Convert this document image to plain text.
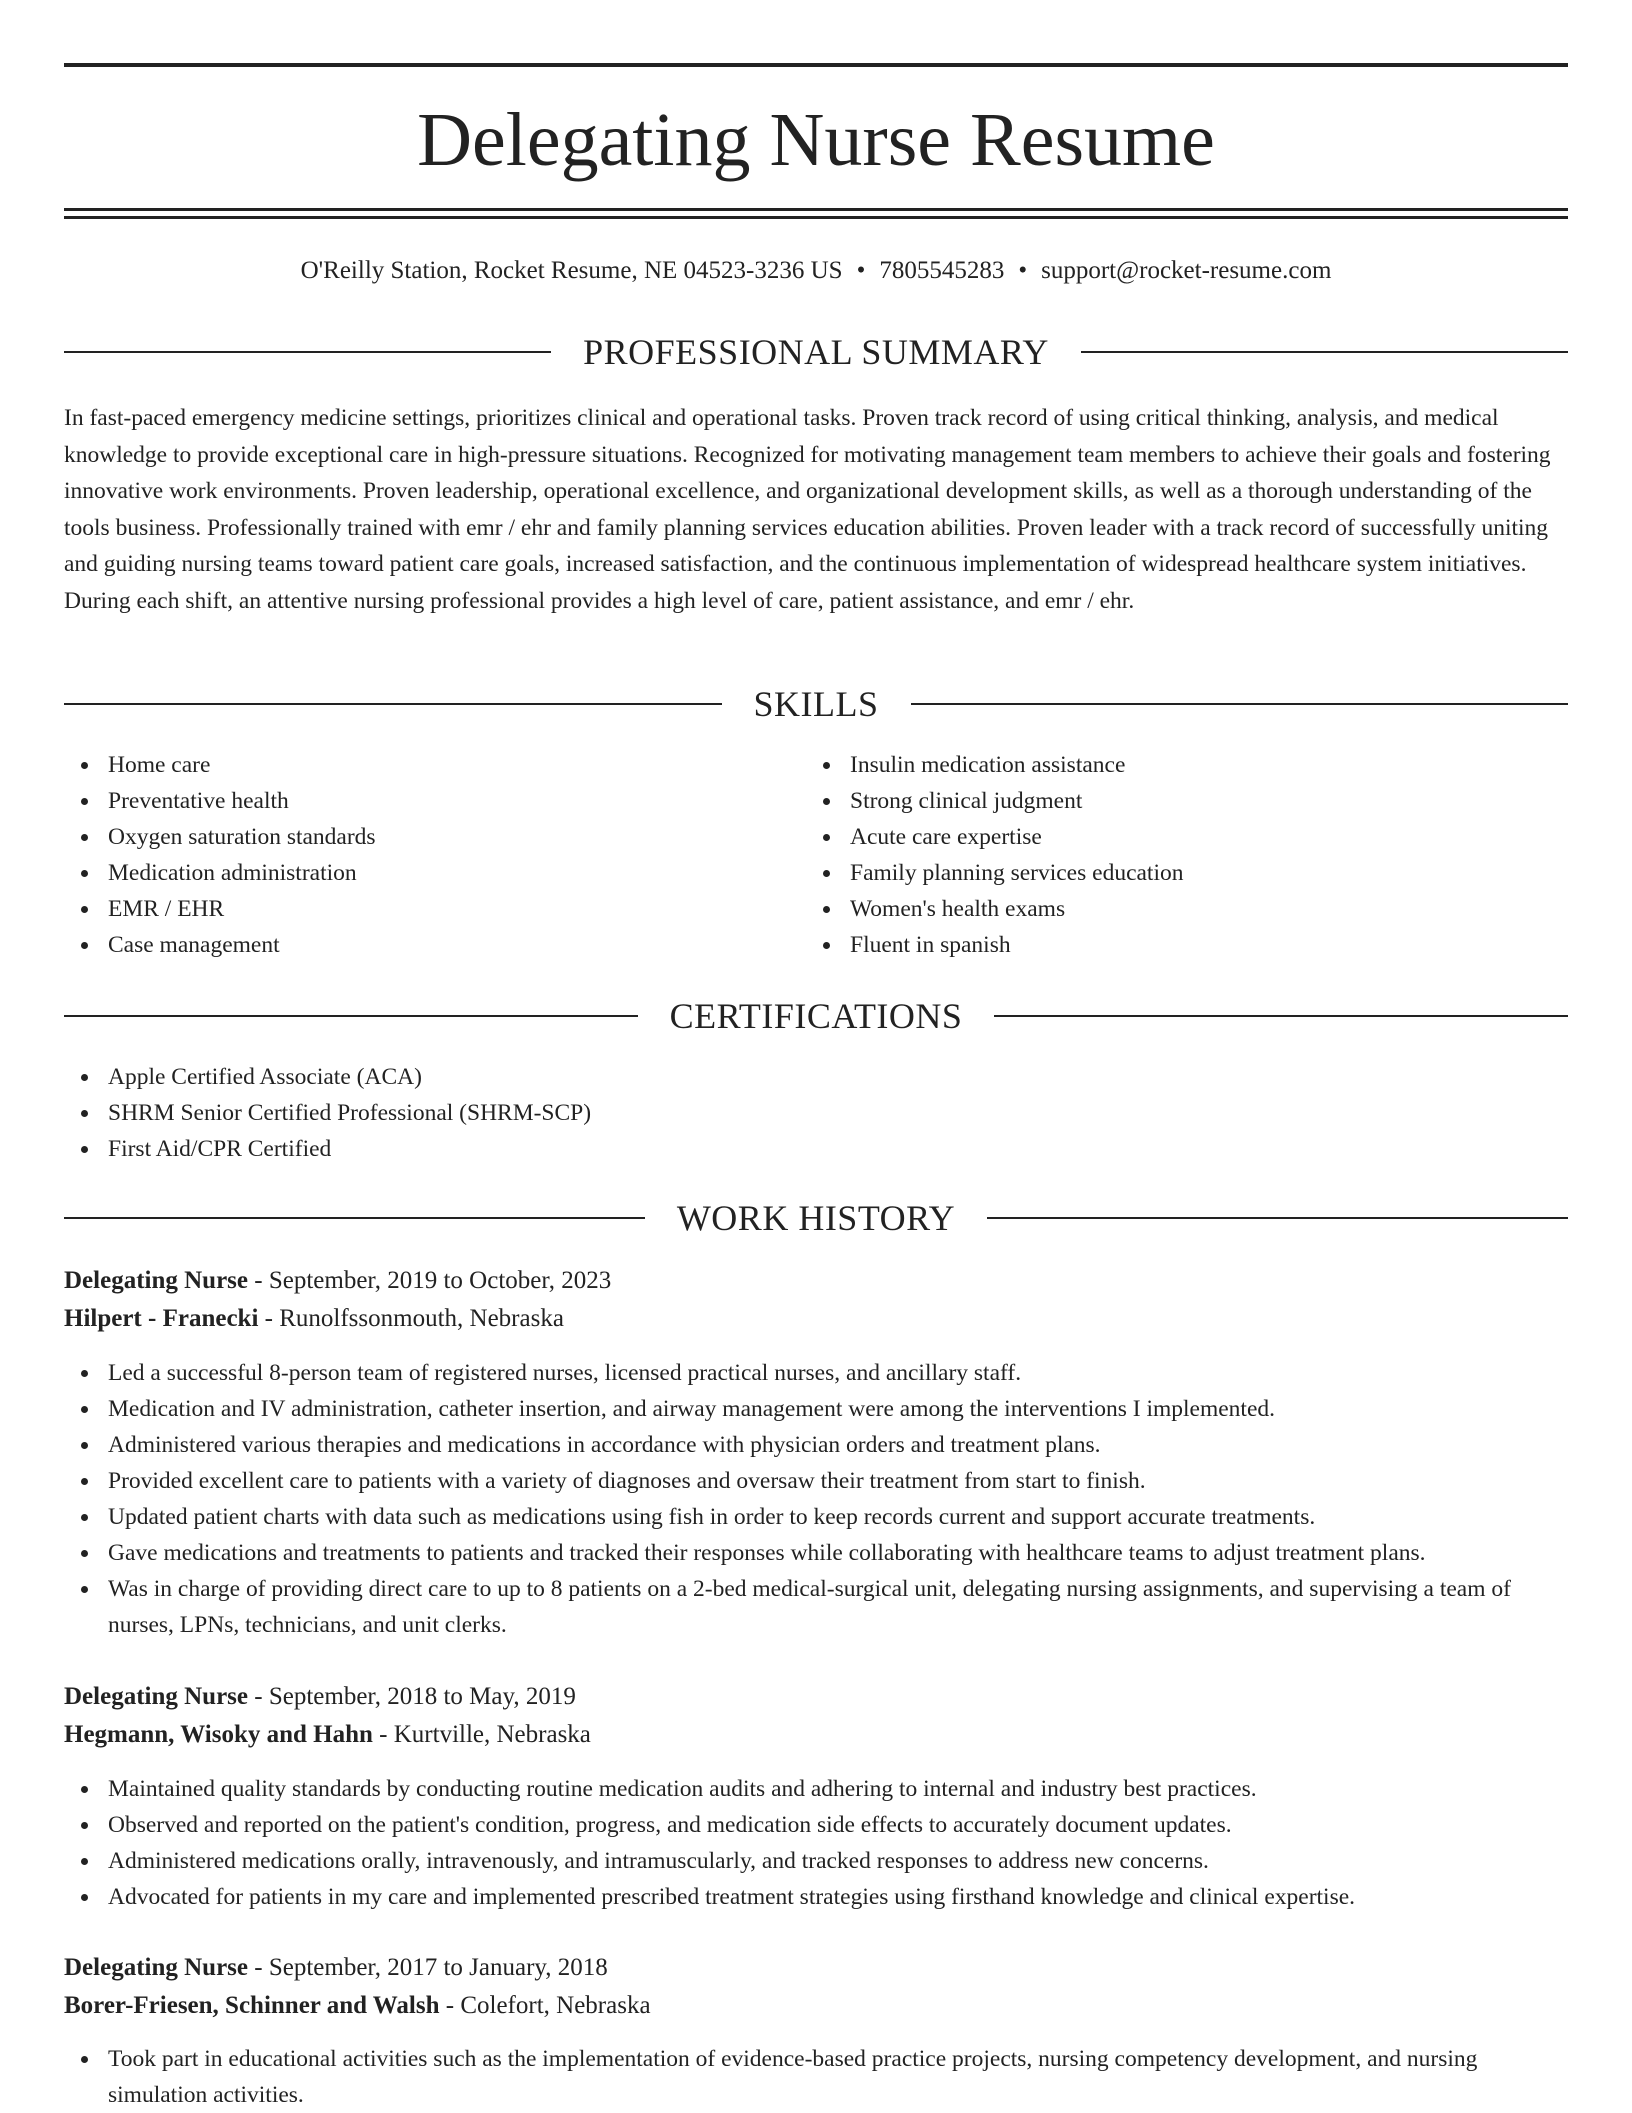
Delegating Nurse Resume
O'Reilly Station, Rocket Resume, NE 04523-3236 US • 7805545283 • support@rocket-resume.com
PROFESSIONAL SUMMARY

In fast-paced emergency medicine settings, prioritizes clinical and operational tasks. Proven track record of using critical thinking, analysis, and medical knowledge to provide exceptional care in high-pressure situations. Recognized for motivating management team members to achieve their goals and fostering innovative work environments. Proven leadership, operational excellence, and organizational development skills, as well as a thorough understanding of the tools business. Professionally trained with emr / ehr and family planning services education abilities. Proven leader with a track record of successfully uniting and guiding nursing teams toward patient care goals, increased satisfaction, and the continuous implementation of widespread healthcare system initiatives. During each shift, an attentive nursing professional provides a high level of care, patient assistance, and emr / ehr.

SKILLS
Home care
Preventative health
Oxygen saturation standards
Medication administration
EMR / EHR
Case management
Insulin medication assistance
Strong clinical judgment
Acute care expertise
Family planning services education
Women's health exams
Fluent in spanish
CERTIFICATIONS
Apple Certified Associate (ACA)
SHRM Senior Certified Professional (SHRM-SCP)
First Aid/CPR Certified
WORK HISTORY
Delegating Nurse - September, 2019 to October, 2023
Hilpert - Franecki - Runolfssonmouth, Nebraska
Led a successful 8-person team of registered nurses, licensed practical nurses, and ancillary staff.
Medication and IV administration, catheter insertion, and airway management were among the interventions I implemented.
Administered various therapies and medications in accordance with physician orders and treatment plans.
Provided excellent care to patients with a variety of diagnoses and oversaw their treatment from start to finish.
Updated patient charts with data such as medications using fish in order to keep records current and support accurate treatments.
Gave medications and treatments to patients and tracked their responses while collaborating with healthcare teams to adjust treatment plans.
Was in charge of providing direct care to up to 8 patients on a 2-bed medical-surgical unit, delegating nursing assignments, and supervising a team of nurses, LPNs, technicians, and unit clerks.
Delegating Nurse - September, 2018 to May, 2019
Hegmann, Wisoky and Hahn - Kurtville, Nebraska
Maintained quality standards by conducting routine medication audits and adhering to internal and industry best practices.
Observed and reported on the patient's condition, progress, and medication side effects to accurately document updates.
Administered medications orally, intravenously, and intramuscularly, and tracked responses to address new concerns.
Advocated for patients in my care and implemented prescribed treatment strategies using firsthand knowledge and clinical expertise.
Delegating Nurse - September, 2017 to January, 2018
Borer-Friesen, Schinner and Walsh - Colefort, Nebraska
Took part in educational activities such as the implementation of evidence-based practice projects, nursing competency development, and nursing simulation activities.
